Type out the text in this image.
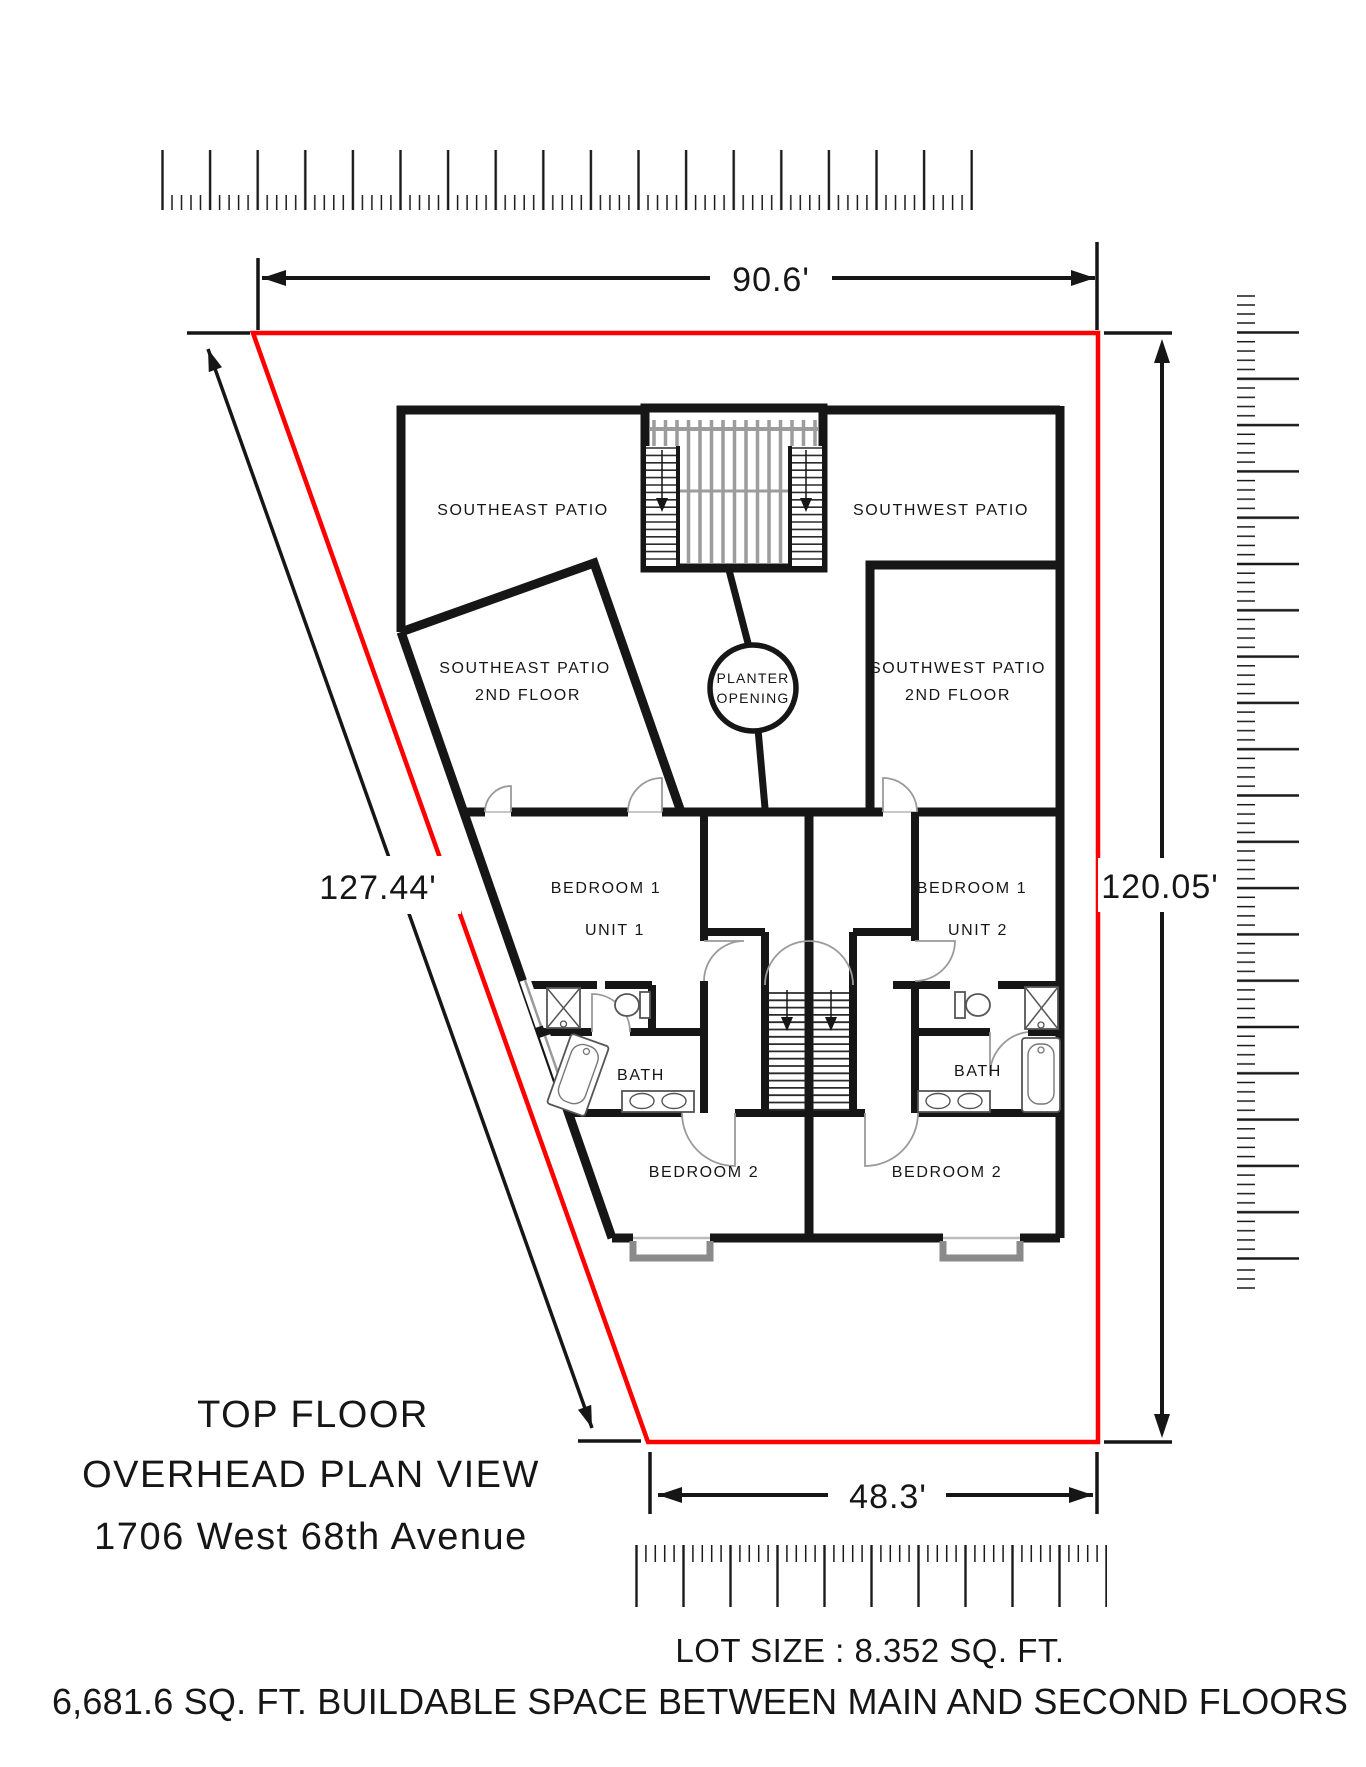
90.6'
127.44'	120.05'
48.3'
PLANTER
OPENING
SOUTHEAST PATIO	SOUTHWEST PATIO
SOUTHEAST PATIO
2ND FLOOR
SOUTHWEST PATIO
2ND FLOOR
BEDROOM 1
UNIT 1
BEDROOM 1
UNIT 2
BATH	BATH
BEDROOM 2	BEDROOM 2
TOP FLOOR
OVERHEAD PLAN VIEW
1706 West 68th Avenue
LOT SIZE : 8.352 SQ. FT.
6,681.6 SQ. FT. BUILDABLE SPACE BETWEEN MAIN AND SECOND FLOORS
